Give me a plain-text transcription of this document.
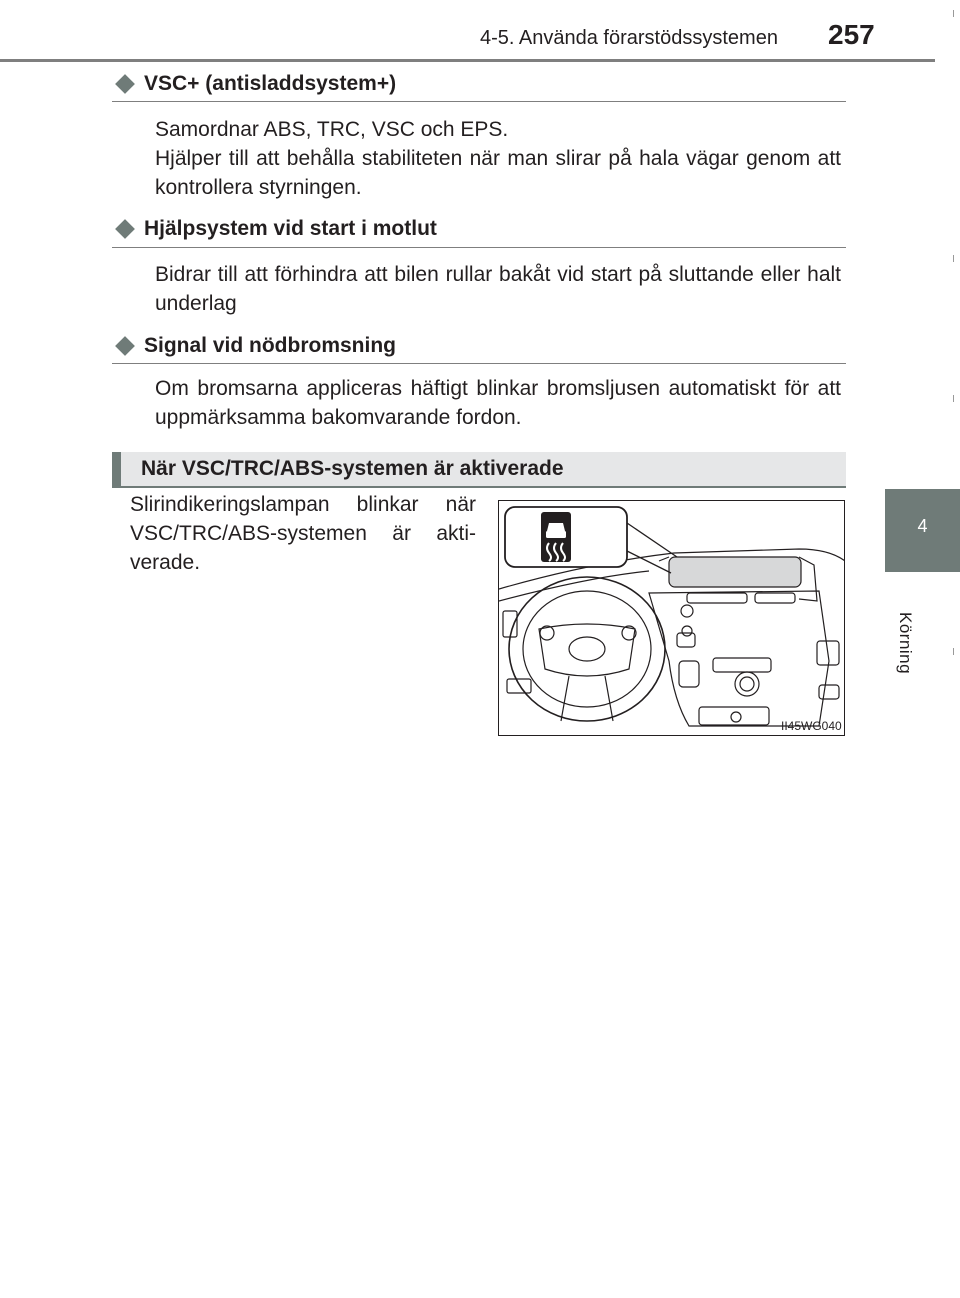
4-5. Använda förarstödssystemen 257
4
Körning
VSC+ (antisladdsystem+)
Samordnar ABS, TRC, VSC och EPS.
Hjälper till att behålla stabiliteten när man slirar på hala vägar genom att kontrollera styrningen.
Hjälpsystem vid start i motlut
Bidrar till att förhindra att bilen rullar bakåt vid start på sluttande eller halt underlag
Signal vid nödbromsning
Om bromsarna appliceras häftigt blinkar bromsljusen automatiskt för att uppmärksamma bakomvarande fordon.
När VSC/TRC/ABS-systemen är aktiverade
Slirindikeringslampan blinkar när
VSC/TRC/ABS-systemen är akti-
verade.
II45WG040
